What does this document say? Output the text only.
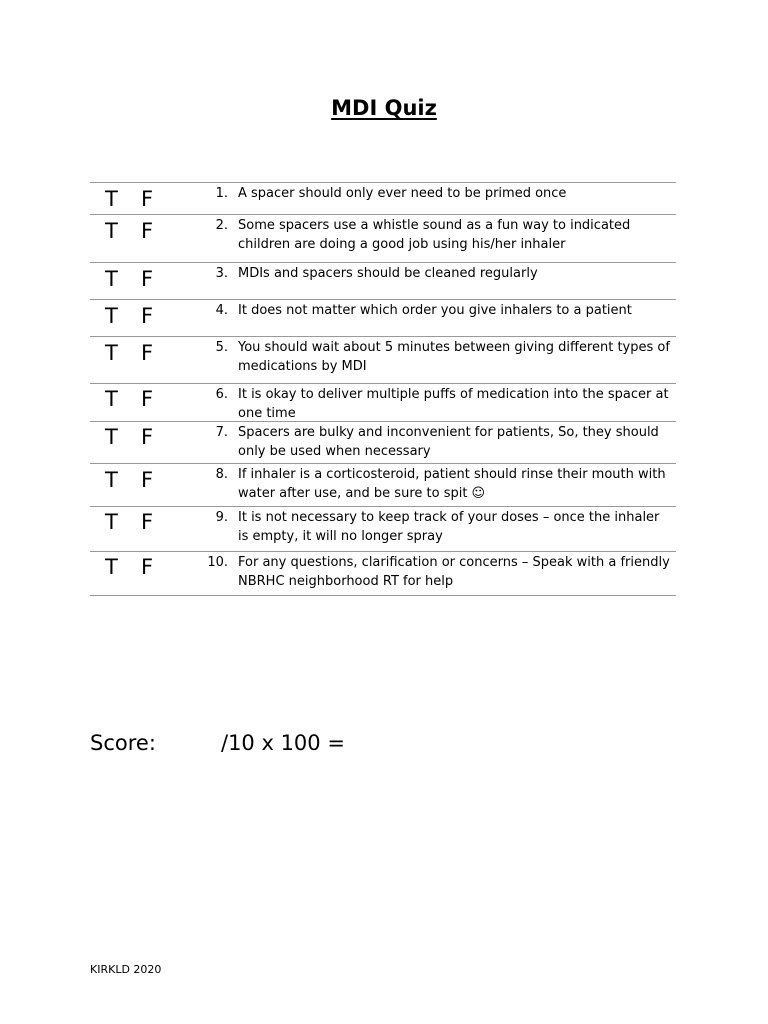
MDI Quiz
T F	1. A spacer should only ever need to be primed once
T F	2. Some spacers use a whistle sound as a fun way to indicated children are doing a good job using his/her inhaler
T F	3. MDIs and spacers should be cleaned regularly
T F	4. It does not matter which order you give inhalers to a patient
T F	5. You should wait about 5 minutes between giving different types of medications by MDI
T F	6. It is okay to deliver multiple puffs of medication into the spacer at one time
T F	7. Spacers are bulky and inconvenient for patients, So, they should only be used when necessary
T F	8. If inhaler is a corticosteroid, patient should rinse their mouth with water after use, and be sure to spit ☺
T F	9. It is not necessary to keep track of your doses – once the inhaler is empty, it will no longer spray
T F	10. For any questions, clarification or concerns – Speak with a friendly NBRHC neighborhood RT for help
Score:	/10 x 100 =
KIRKLD 2020
